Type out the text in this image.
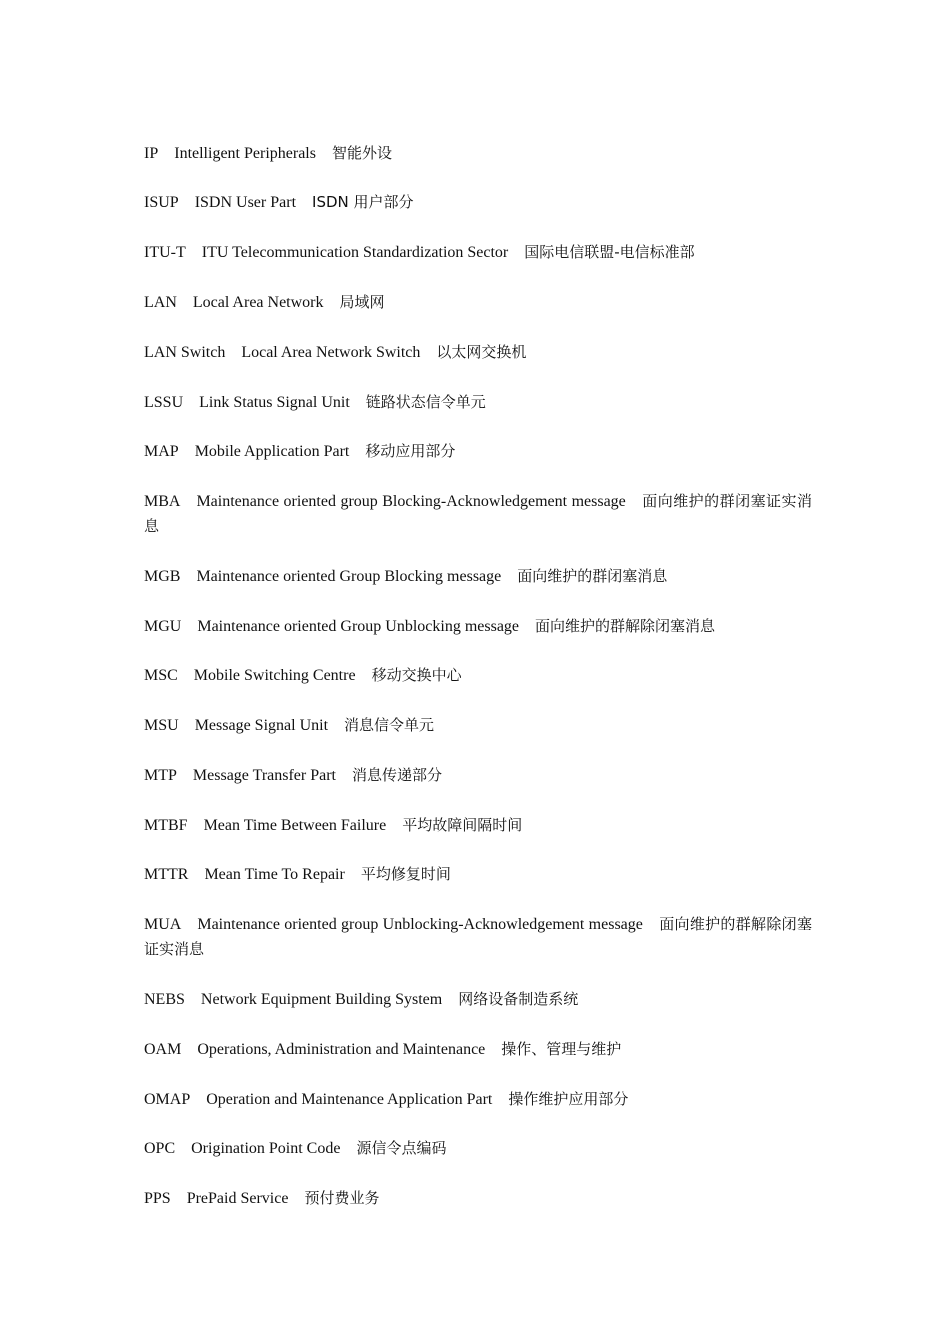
IP Intelligent Peripherals 智能外设
ISUP ISDN User Part ISDN 用户部分
ITU-T ITU Telecommunication Standardization Sector 国际电信联盟-电信标准部
LAN Local Area Network 局域网
LAN Switch Local Area Network Switch 以太网交换机
LSSU Link Status Signal Unit 链路状态信令单元
MAP Mobile Application Part 移动应用部分
MBA Maintenance oriented group Blocking-Acknowledgement message 面向维护的群闭塞证实消息
MGB Maintenance oriented Group Blocking message 面向维护的群闭塞消息
MGU Maintenance oriented Group Unblocking message 面向维护的群解除闭塞消息
MSC Mobile Switching Centre 移动交换中心
MSU Message Signal Unit 消息信令单元
MTP Message Transfer Part 消息传递部分
MTBF Mean Time Between Failure 平均故障间隔时间
MTTR Mean Time To Repair 平均修复时间
MUA Maintenance oriented group Unblocking-Acknowledgement message 面向维护的群解除闭塞证实消息
NEBS Network Equipment Building System 网络设备制造系统
OAM Operations, Administration and Maintenance 操作、管理与维护
OMAP Operation and Maintenance Application Part 操作维护应用部分
OPC Origination Point Code 源信令点编码
PPS PrePaid Service 预付费业务
